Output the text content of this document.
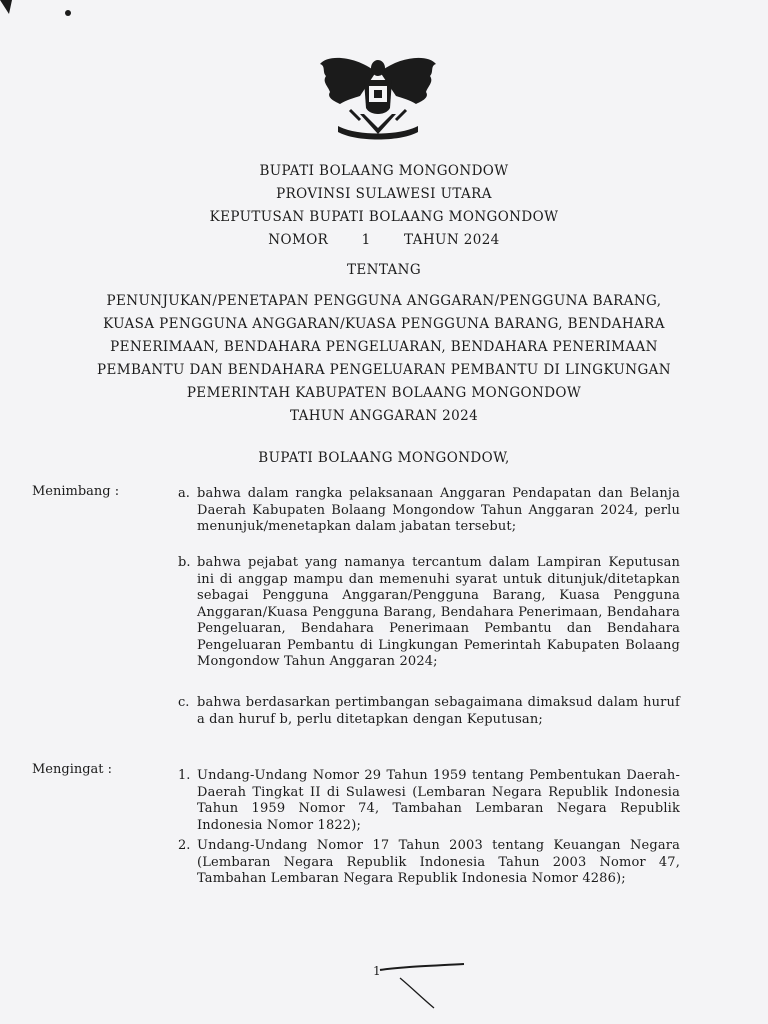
BUPATI BOLAANG MONGONDOW
PROVINSI SULAWESI UTARA
KEPUTUSAN BUPATI BOLAANG MONGONDOW
NOMOR 1 TAHUN 2024
TENTANG
PENUNJUKAN/PENETAPAN PENGGUNA ANGGARAN/PENGGUNA BARANG,
KUASA PENGGUNA ANGGARAN/KUASA PENGGUNA BARANG, BENDAHARA
PENERIMAAN, BENDAHARA PENGELUARAN, BENDAHARA PENERIMAAN
PEMBANTU DAN BENDAHARA PENGELUARAN PEMBANTU DI LINGKUNGAN
PEMERINTAH KABUPATEN BOLAANG MONGONDOW
TAHUN ANGGARAN 2024
BUPATI BOLAANG MONGONDOW,
Menimbang :	a. bahwa dalam rangka pelaksanaan Anggaran Pendapatan dan Belanja Daerah Kabupaten Bolaang Mongondow Tahun Anggaran 2024, perlu menunjuk/menetapkan dalam jabatan tersebut;
b. bahwa pejabat yang namanya tercantum dalam Lampiran Keputusan ini di anggap mampu dan memenuhi syarat untuk ditunjuk/ditetapkan sebagai Pengguna Anggaran/Pengguna Barang, Kuasa Pengguna Anggaran/Kuasa Pengguna Barang, Bendahara Penerimaan, Bendahara Pengeluaran, Bendahara Penerimaan Pembantu dan Bendahara Pengeluaran Pembantu di Lingkungan Pemerintah Kabupaten Bolaang Mongondow Tahun Anggaran 2024;
c. bahwa berdasarkan pertimbangan sebagaimana dimaksud dalam huruf a dan huruf b, perlu ditetapkan dengan Keputusan;
Mengingat :	1. Undang-Undang Nomor 29 Tahun 1959 tentang Pembentukan Daerah-Daerah Tingkat II di Sulawesi (Lembaran Negara Republik Indonesia Tahun 1959 Nomor 74, Tambahan Lembaran Negara Republik Indonesia Nomor 1822);
2. Undang-Undang Nomor 17 Tahun 2003 tentang Keuangan Negara (Lembaran Negara Republik Indonesia Tahun 2003 Nomor 47, Tambahan Lembaran Negara Republik Indonesia Nomor 4286);
1
